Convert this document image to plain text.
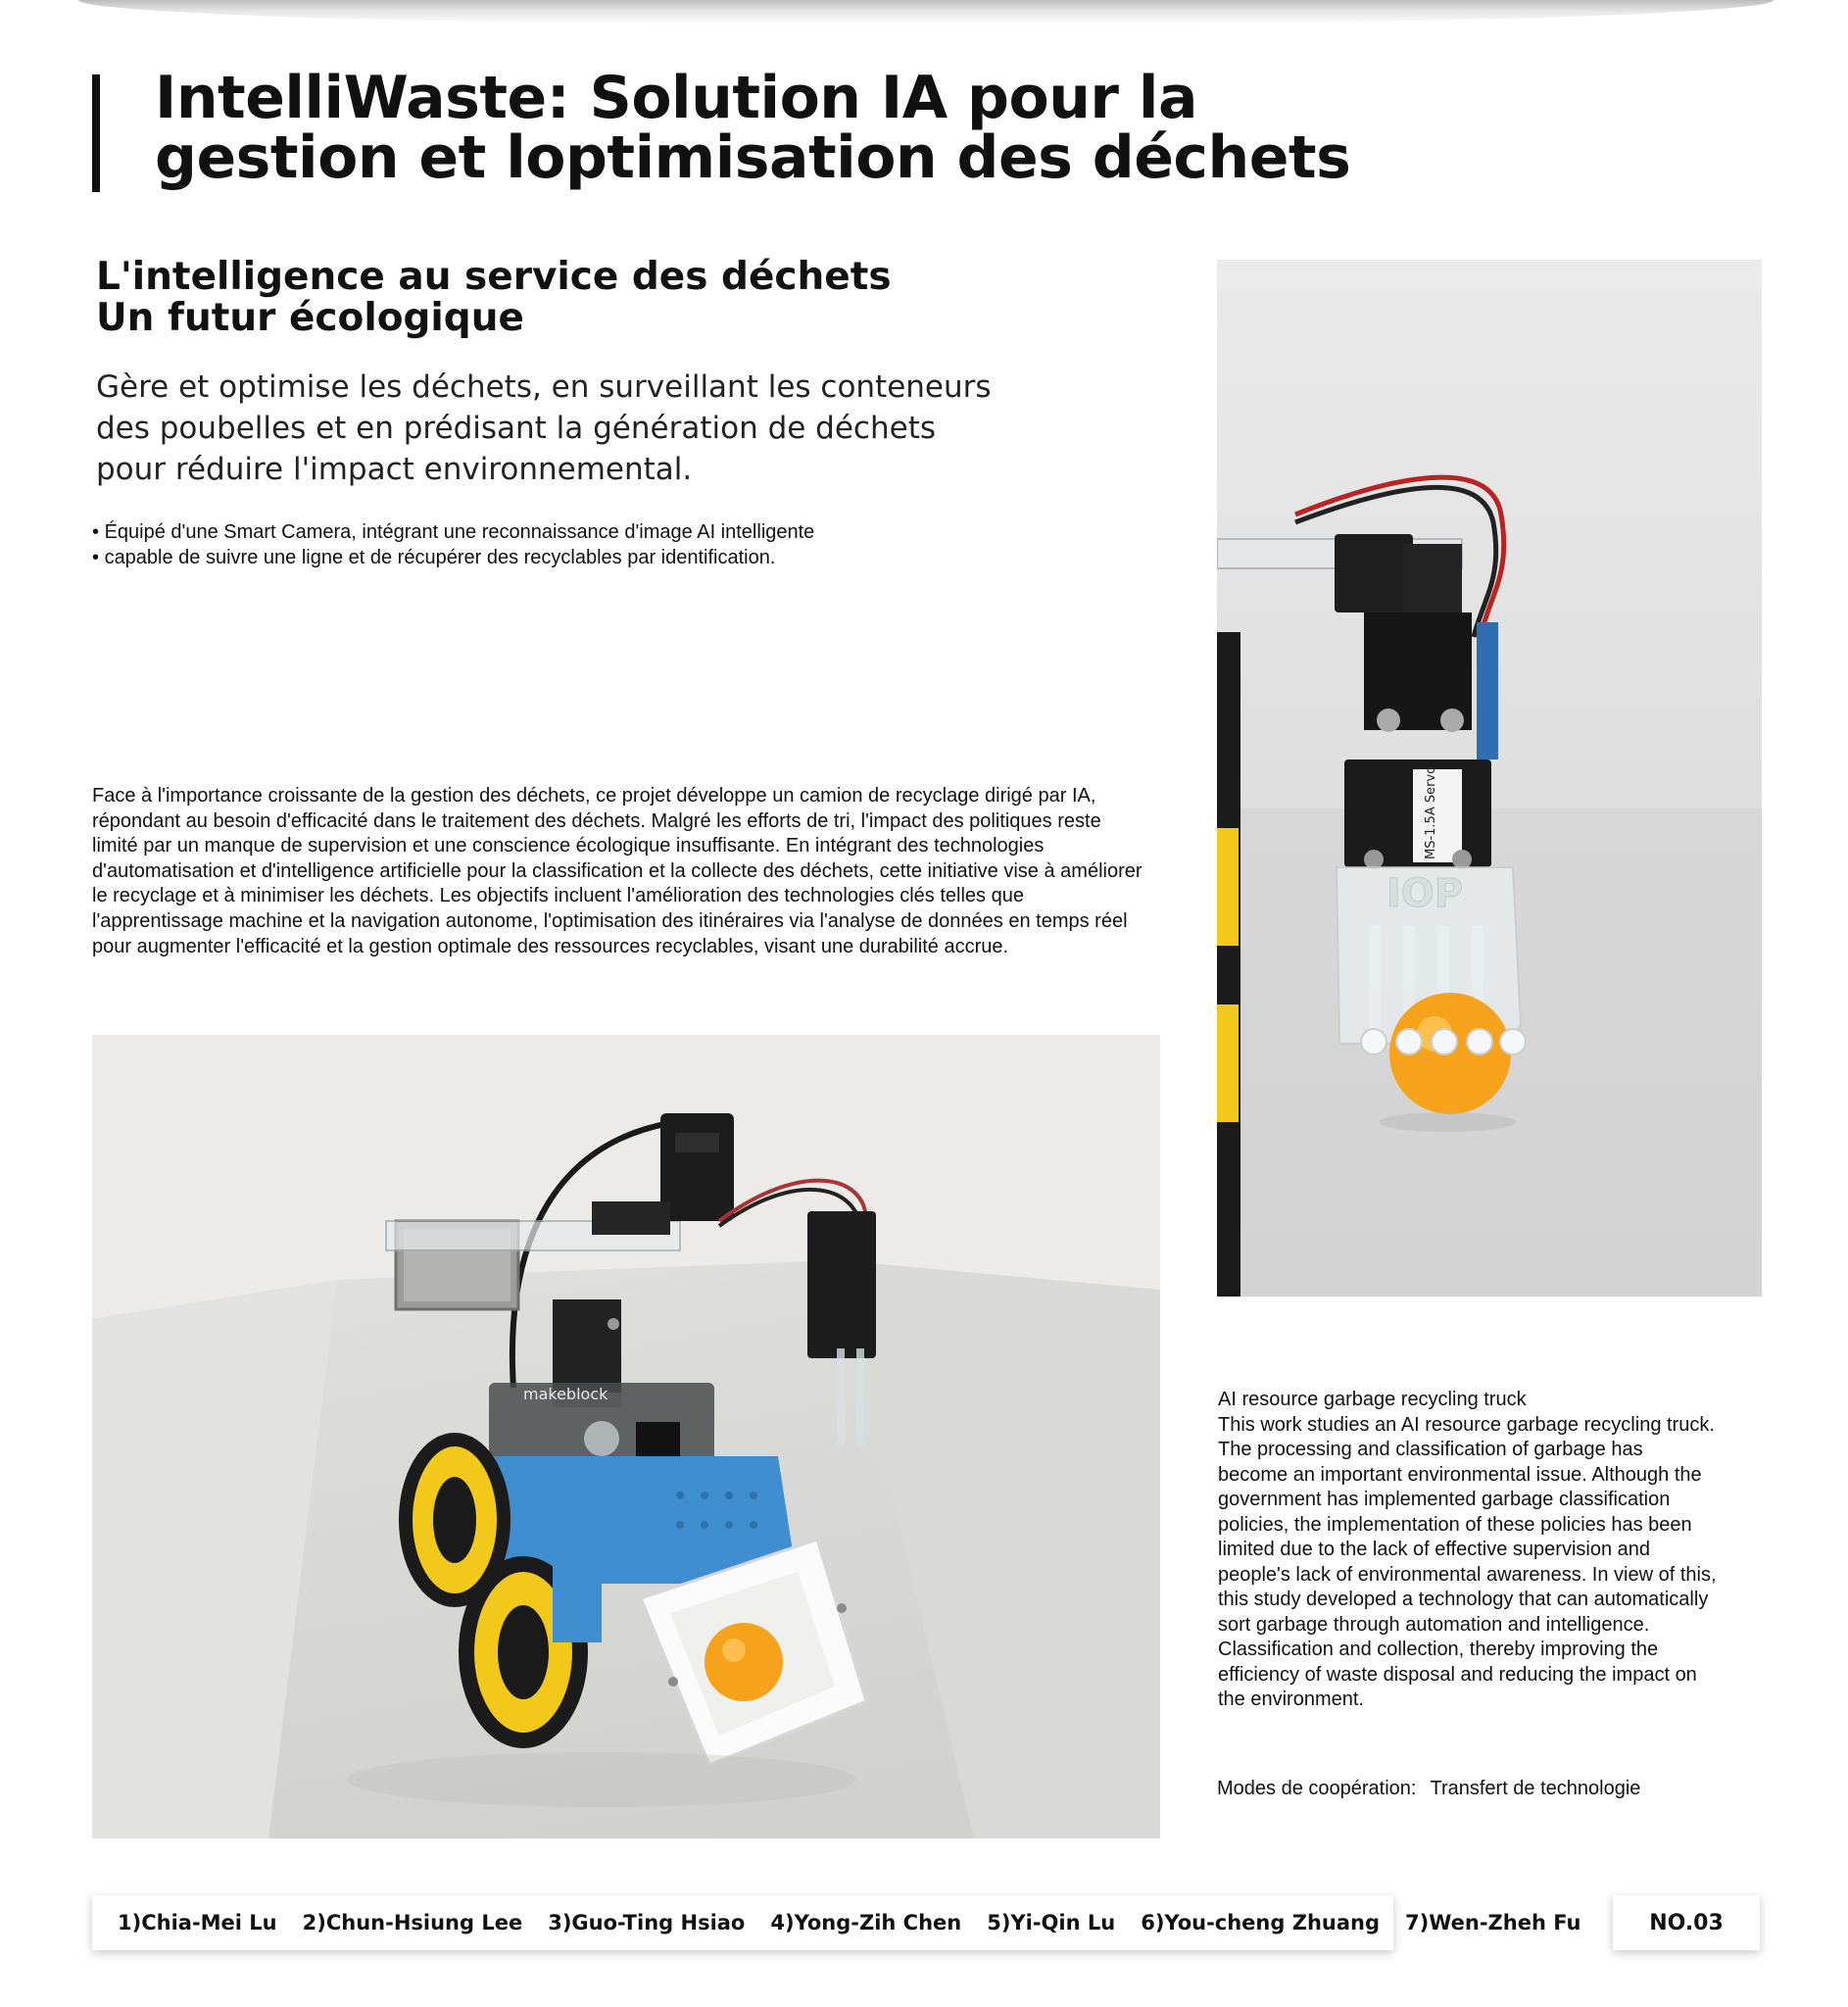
IntelliWaste: Solution IA pour la gestion et loptimisation des déchets
L'intelligence au service des déchets
Un futur écologique

Gère et optimise les déchets, en surveillant les conteneurs des poubelles et en prédisant la génération de déchets pour réduire l'impact environnemental.

• Équipé d'une Smart Camera, intégrant une reconnaissance d'image AI intelligente
• capable de suivre une ligne et de récupérer des recyclables par identification.

Face à l'importance croissante de la gestion des déchets, ce projet développe un camion de recyclage dirigé par IA, répondant au besoin d'efficacité dans le traitement des déchets. Malgré les efforts de tri, l'impact des politiques reste limité par un manque de supervision et une conscience écologique insuffisante. En intégrant des technologies d'automatisation et d'intelligence artificielle pour la classification et la collecte des déchets, cette initiative vise à améliorer le recyclage et à minimiser les déchets. Les objectifs incluent l'amélioration des technologies clés telles que l'apprentissage machine et la navigation autonome, l'optimisation des itinéraires via l'analyse de données en temps réel pour augmenter l'efficacité et la gestion optimale des ressources recyclables, visant une durabilité accrue.

makeblock
MS-1.5A Servo
IOP

AI resource garbage recycling truck
This work studies an AI resource garbage recycling truck. The processing and classification of garbage has become an important environmental issue. Although the government has implemented garbage classification policies, the implementation of these policies has been limited due to the lack of effective supervision and people's lack of environmental awareness. In view of this, this study developed a technology that can automatically sort garbage through automation and intelligence. Classification and collection, thereby improving the efficiency of waste disposal and reducing the impact on the environment.

Modes de coopération: Transfert de technologie
1)Chia-Mei Lu	2)Chun-Hsiung Lee	3)Guo-Ting Hsiao	4)Yong-Zih Chen	5)Yi-Qin Lu	6)You-cheng Zhuang	7)Wen-Zheh Fu	NO.03
